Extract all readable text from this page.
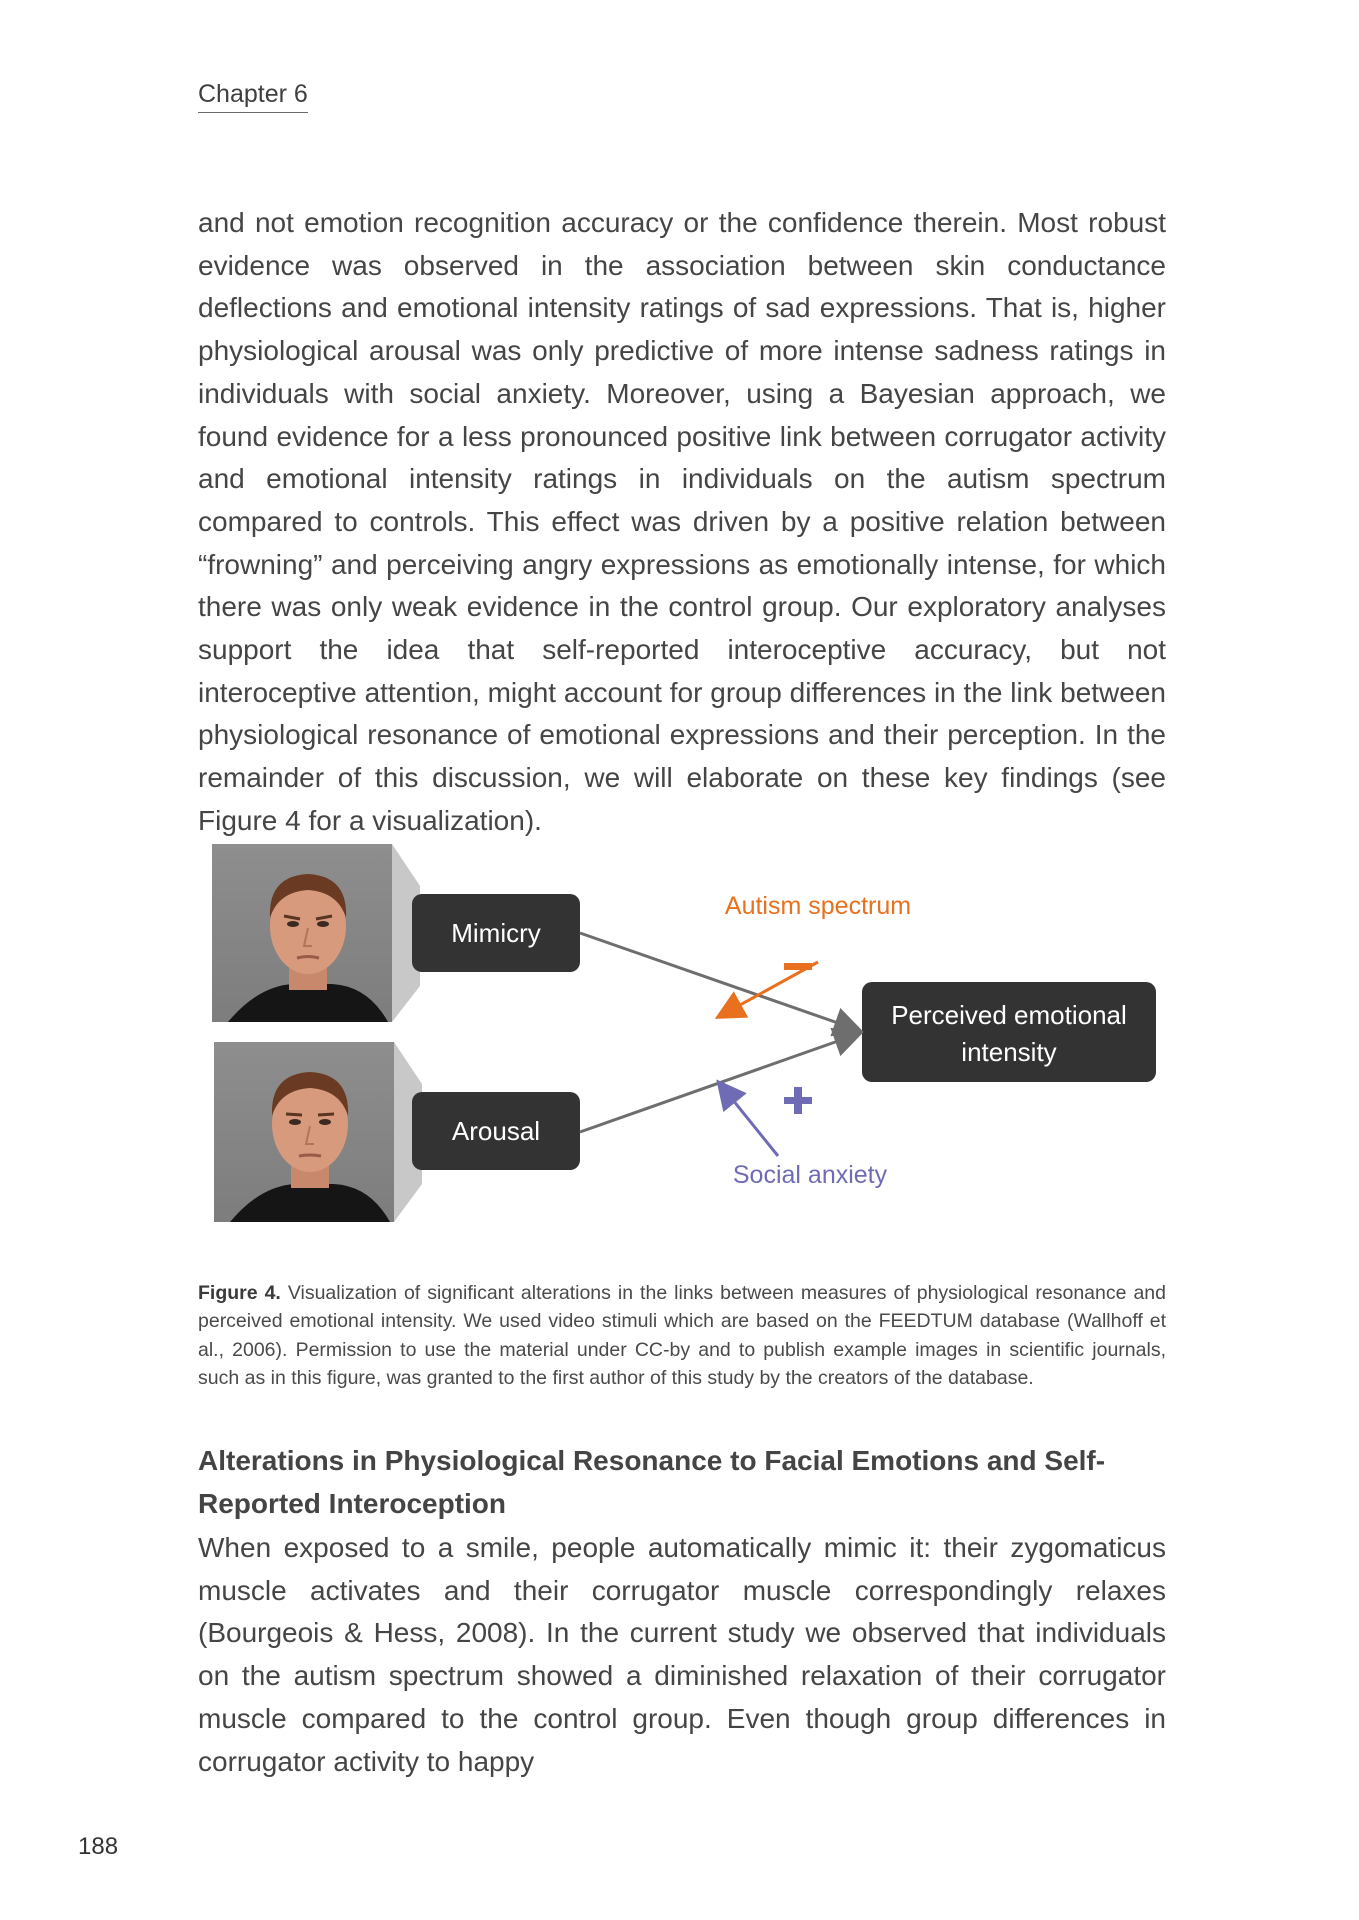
Chapter 6

and not emotion recognition accuracy or the confidence therein. Most robust evidence was observed in the association between skin conductance deflections and emotional intensity ratings of sad expressions. That is, higher physiological arousal was only predictive of more intense sadness ratings in individuals with social anxiety. Moreover, using a Bayesian approach, we found evidence for a less pronounced positive link between corrugator activity and emotional intensity ratings in individuals on the autism spectrum compared to controls. This effect was driven by a positive relation between “frowning” and perceiving angry expressions as emotionally intense, for which there was only weak evidence in the control group. Our exploratory analyses support the idea that self-reported interoceptive accuracy, but not interoceptive attention, might account for group differences in the link between physiological resonance of emotional expressions and their perception. In the remainder of this discussion, we will elaborate on these key findings (see Figure 4 for a visualization).

Mimicry
Arousal
Perceived emotional
intensity
Autism spectrum
Social anxiety

Figure 4. Visualization of significant alterations in the links between measures of physiological resonance and perceived emotional intensity. We used video stimuli which are based on the FEEDTUM database (Wallhoff et al., 2006). Permission to use the material under CC-by and to publish example images in scientific journals, such as in this figure, was granted to the first author of this study by the creators of the database.

Alterations in Physiological Resonance to Facial Emotions and Self-Reported Interoception

When exposed to a smile, people automatically mimic it: their zygomaticus muscle activates and their corrugator muscle correspondingly relaxes (Bourgeois & Hess, 2008). In the current study we observed that individuals on the autism spectrum showed a diminished relaxation of their corrugator muscle compared to the control group. Even though group differences in corrugator activity to happy

188
